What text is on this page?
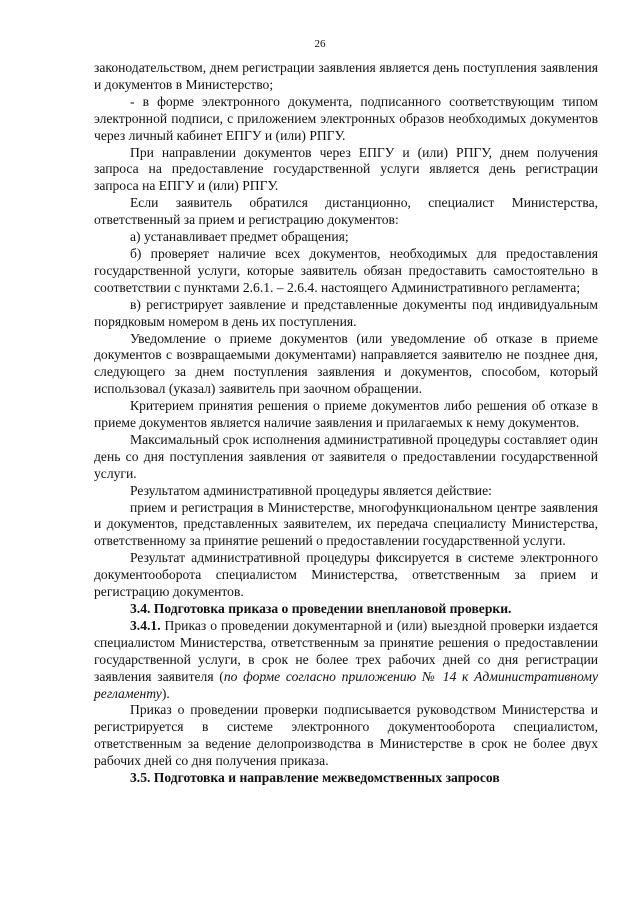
26

законодательством, днем регистрации заявления является день поступления заявления и документов в Министерство;

- в форме электронного документа, подписанного соответствующим типом электронной подписи, с приложением электронных образов необходимых документов через личный кабинет ЕПГУ и (или) РПГУ.

При направлении документов через ЕПГУ и (или) РПГУ, днем получения запроса на предоставление государственной услуги является день регистрации запроса на ЕПГУ и (или) РПГУ.

Если заявитель обратился дистанционно, специалист Министерства, ответственный за прием и регистрацию документов:

а) устанавливает предмет обращения;

б) проверяет наличие всех документов, необходимых для предоставления государственной услуги, которые заявитель обязан предоставить самостоятельно в соответствии с пунктами 2.6.1. – 2.6.4. настоящего Административного регламента;

в) регистрирует заявление и представленные документы под индивидуальным порядковым номером в день их поступления.

Уведомление о приеме документов (или уведомление об отказе в приеме документов с возвращаемыми документами) направляется заявителю не позднее дня, следующего за днем поступления заявления и документов, способом, который использовал (указал) заявитель при заочном обращении.

Критерием принятия решения о приеме документов либо решения об отказе в приеме документов является наличие заявления и прилагаемых к нему документов.

Максимальный срок исполнения административной процедуры составляет один день со дня поступления заявления от заявителя о предоставлении государственной услуги.

Результатом административной процедуры является действие:

прием и регистрация в Министерстве, многофункциональном центре заявления и документов, представленных заявителем, их передача специалисту Министерства, ответственному за принятие решений о предоставлении государственной услуги.

Результат административной процедуры фиксируется в системе электронного документооборота специалистом Министерства, ответственным за прием и регистрацию документов.

3.4. Подготовка приказа о проведении внеплановой проверки.

3.4.1. Приказ о проведении документарной и (или) выездной проверки издается специалистом Министерства, ответственным за принятие решения о предоставлении государственной услуги, в срок не более трех рабочих дней со дня регистрации заявления заявителя (по форме согласно приложению № 14 к Административному регламенту).

Приказ о проведении проверки подписывается руководством Министерства и регистрируется в системе электронного документооборота специалистом, ответственным за ведение делопроизводства в Министерстве в срок не более двух рабочих дней со дня получения приказа.

3.5. Подготовка и направление межведомственных запросов
